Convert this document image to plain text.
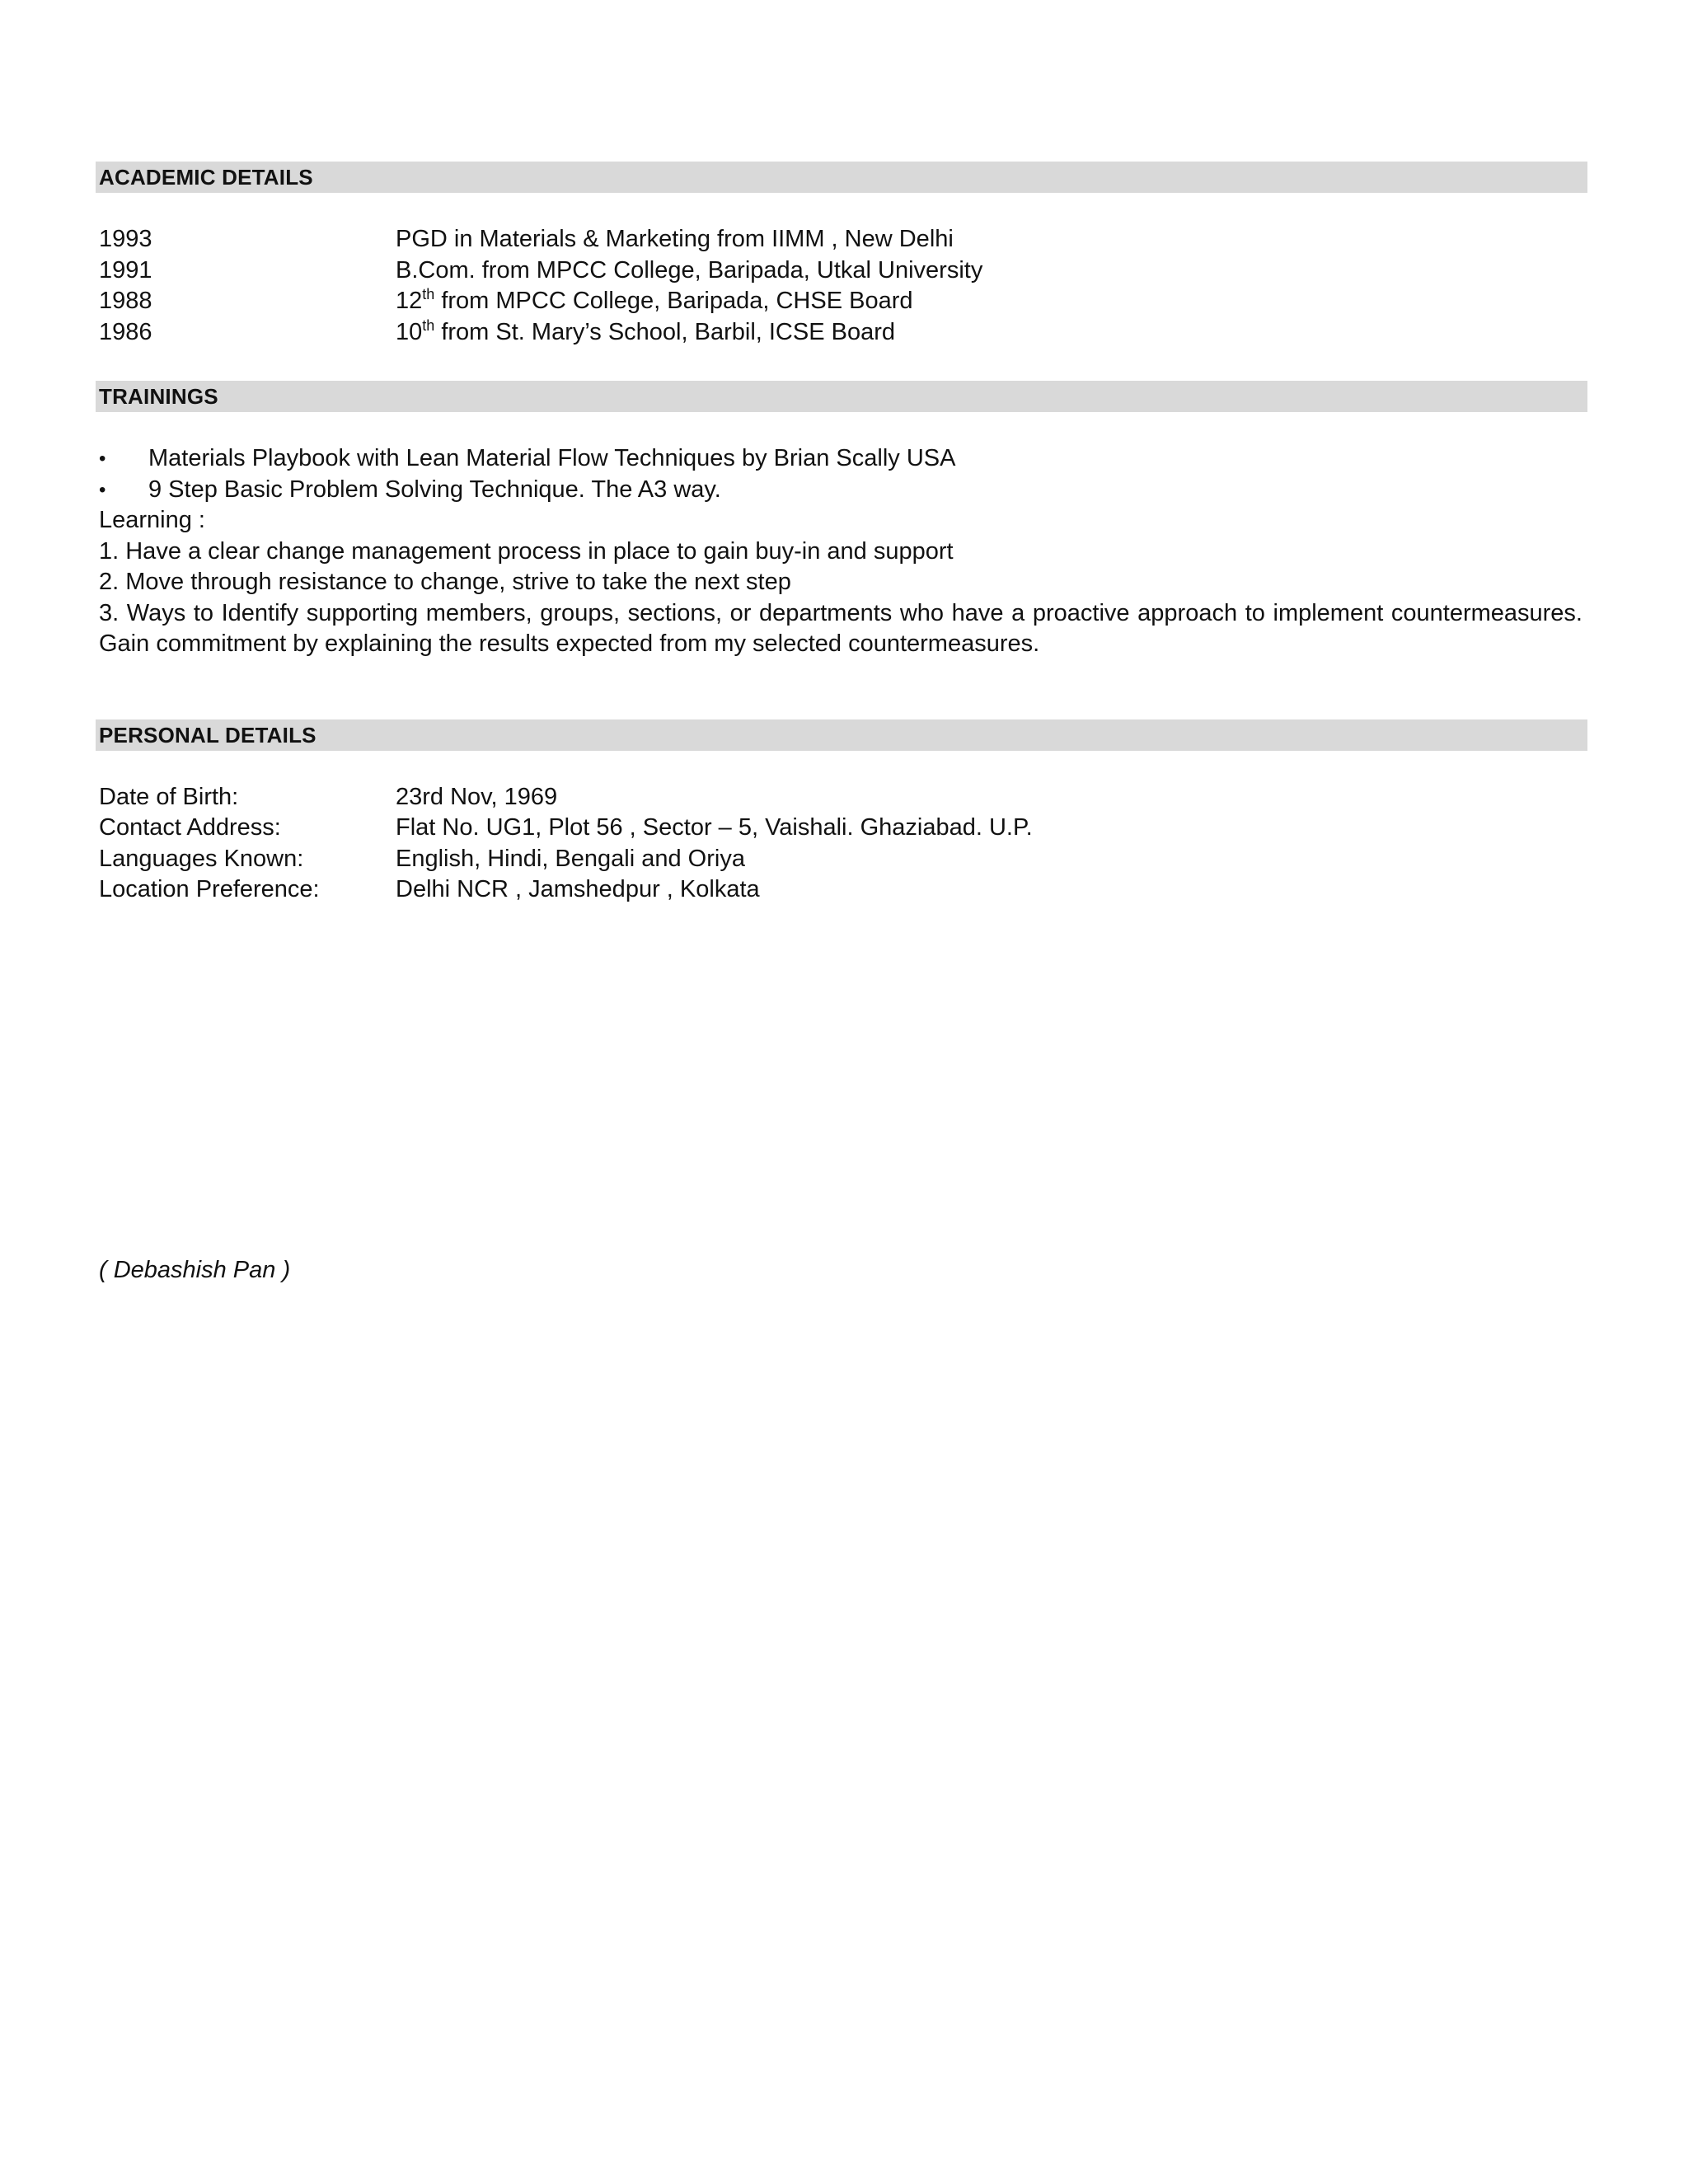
ACADEMIC DETAILS
1993	PGD in Materials & Marketing from IIMM , New Delhi
1991	B.Com. from MPCC College, Baripada, Utkal University
1988	12th from MPCC College, Baripada, CHSE Board
1986	10th from St. Mary’s School, Barbil, ICSE Board
TRAININGS
•	Materials Playbook with Lean Material Flow Techniques by Brian Scally USA
•	9 Step Basic Problem Solving Technique. The A3 way.
Learning :
1. Have a clear change management process in place to gain buy-in and support
2. Move through resistance to change, strive to take the next step
3. Ways to Identify supporting members, groups, sections, or departments who have a proactive approach to implement countermeasures. Gain commitment by explaining the results expected from my selected countermeasures.
PERSONAL DETAILS
Date of Birth:	23rd Nov, 1969
Contact Address:	Flat No. UG1, Plot 56 , Sector – 5, Vaishali. Ghaziabad. U.P.
Languages Known:	English, Hindi, Bengali and Oriya
Location Preference:	Delhi NCR , Jamshedpur , Kolkata
( Debashish Pan )
